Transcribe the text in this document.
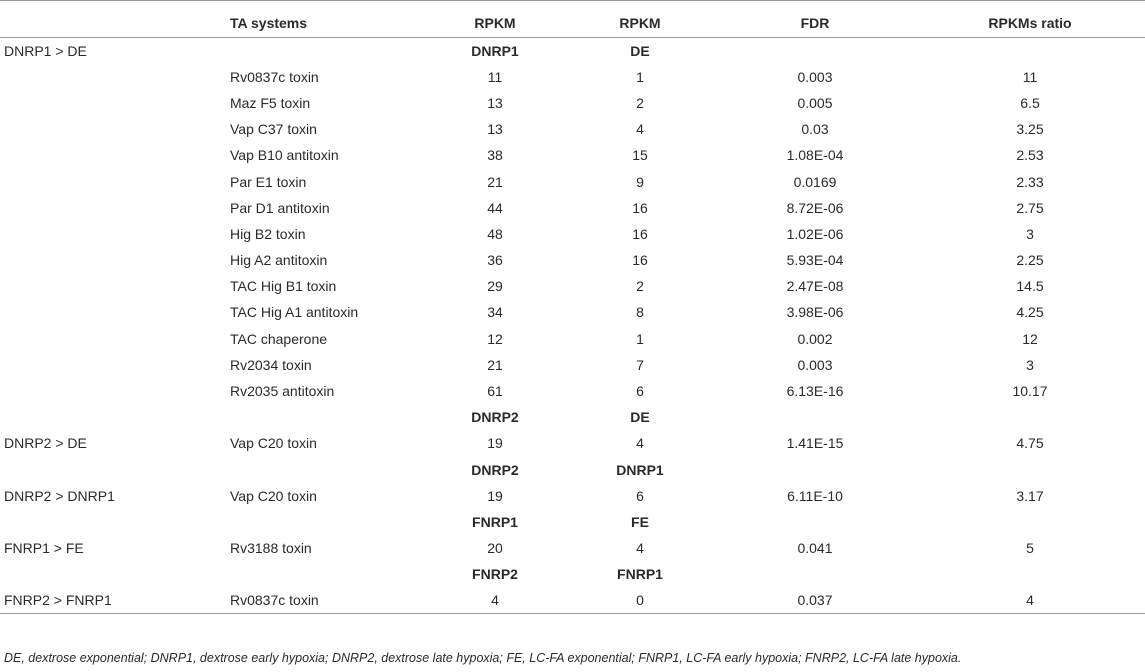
	TA systems	RPKM	RPKM	FDR	RPKMs ratio
DNRP1 > DE		DNRP1	DE		
	Rv0837c toxin	11	1	0.003	11
	Maz F5 toxin	13	2	0.005	6.5
	Vap C37 toxin	13	4	0.03	3.25
	Vap B10 antitoxin	38	15	1.08E-04	2.53
	Par E1 toxin	21	9	0.0169	2.33
	Par D1 antitoxin	44	16	8.72E-06	2.75
	Hig B2 toxin	48	16	1.02E-06	3
	Hig A2 antitoxin	36	16	5.93E-04	2.25
	TAC Hig B1 toxin	29	2	2.47E-08	14.5
	TAC Hig A1 antitoxin	34	8	3.98E-06	4.25
	TAC chaperone	12	1	0.002	12
	Rv2034 toxin	21	7	0.003	3
	Rv2035 antitoxin	61	6	6.13E-16	10.17
		DNRP2	DE		
DNRP2 > DE	Vap C20 toxin	19	4	1.41E-15	4.75
		DNRP2	DNRP1		
DNRP2 > DNRP1	Vap C20 toxin	19	6	6.11E-10	3.17
		FNRP1	FE		
FNRP1 > FE	Rv3188 toxin	20	4	0.041	5
		FNRP2	FNRP1		
FNRP2 > FNRP1	Rv0837c toxin	4	0	0.037	4
DE, dextrose exponential; DNRP1, dextrose early hypoxia; DNRP2, dextrose late hypoxia; FE, LC-FA exponential; FNRP1, LC-FA early hypoxia; FNRP2, LC-FA late hypoxia.
